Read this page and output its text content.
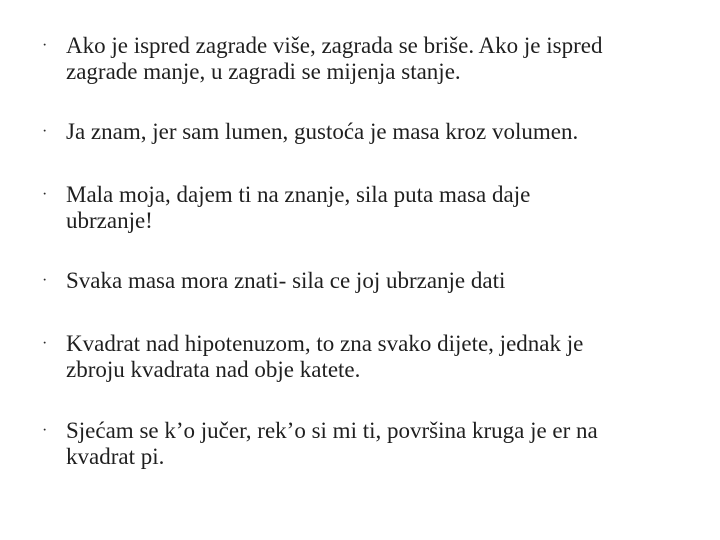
· Ako je ispred zagrade više, zagrada se briše. Ako je ispred zagrade manje, u zagradi se mijenja stanje.
· Ja znam, jer sam lumen, gustoća je masa kroz volumen.
· Mala moja, dajem ti na znanje, sila puta masa daje ubrzanje!
· Svaka masa mora znati- sila ce joj ubrzanje dati
· Kvadrat nad hipotenuzom, to zna svako dijete, jednak je zbroju kvadrata nad obje katete.
· Sjećam se k’o jučer, rek’o si mi ti, površina kruga je er na kvadrat pi.
